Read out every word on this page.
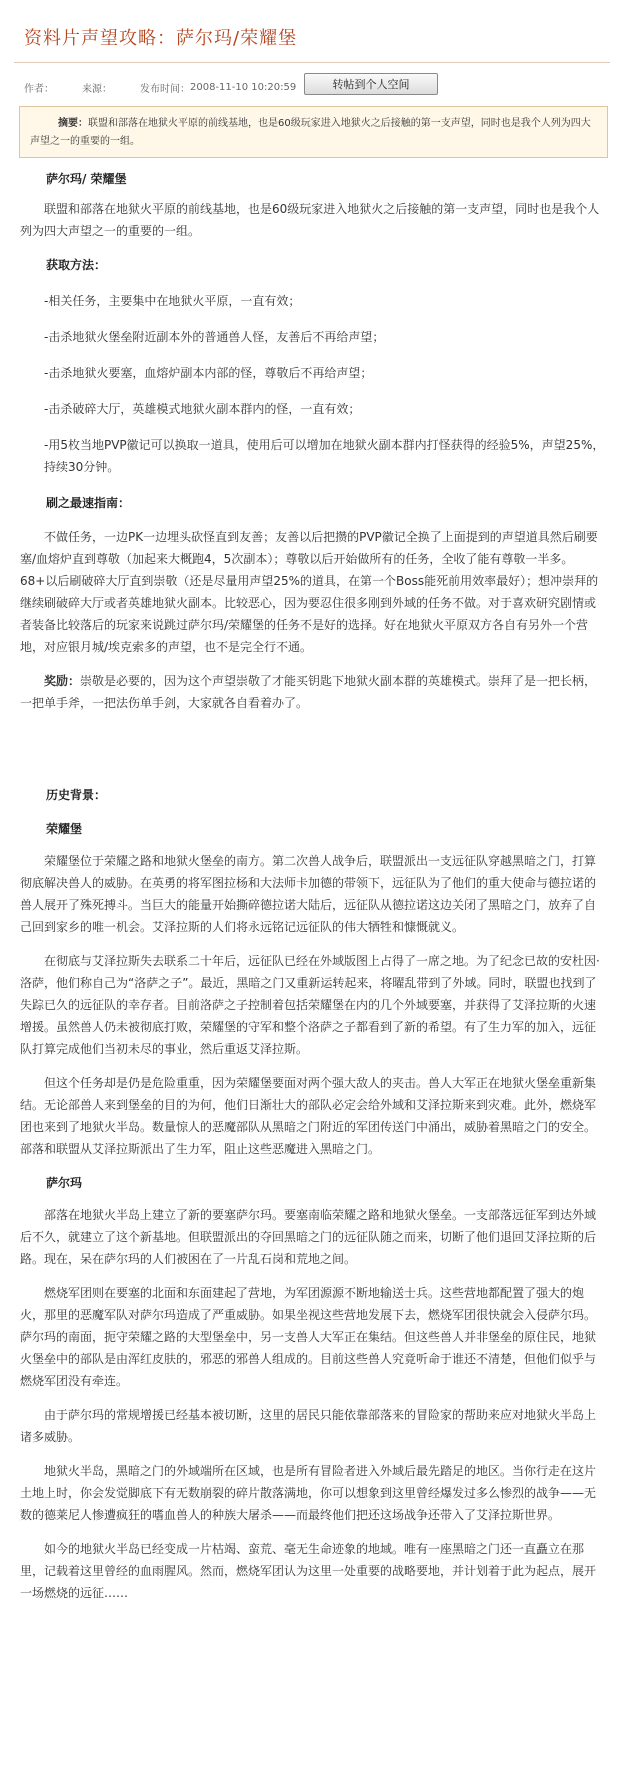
资料片声望攻略：萨尔玛/荣耀堡
作者：	来源：	发布时间： 2008-11-10 10:20:59	转帖到个人空间
摘要：联盟和部落在地狱火平原的前线基地，也是60级玩家进入地狱火之后接触的第一支声望，同时也是我个人列为四大声望之一的重要的一组。

萨尔玛/ 荣耀堡

联盟和部落在地狱火平原的前线基地，也是60级玩家进入地狱火之后接触的第一支声望，同时也是我个人列为四大声望之一的重要的一组。

获取方法：

-相关任务，主要集中在地狱火平原，一直有效；

-击杀地狱火堡垒附近副本外的普通兽人怪，友善后不再给声望；

-击杀地狱火要塞，血熔炉副本内部的怪，尊敬后不再给声望；

-击杀破碎大厅，英雄模式地狱火副本群内的怪，一直有效；

-用5枚当地PVP徽记可以换取一道具，使用后可以增加在地狱火副本群内打怪获得的经验5%，声望25%，持续30分钟。

刷之最速指南：

不做任务，一边PK一边埋头砍怪直到友善；友善以后把攒的PVP徽记全换了上面提到的声望道具然后刷要塞/血熔炉直到尊敬（加起来大概跑4，5次副本）；尊敬以后开始做所有的任务，全收了能有尊敬一半多。68+以后刷破碎大厅直到崇敬（还是尽量用声望25%的道具，在第一个Boss能死前用效率最好）；想冲崇拜的继续刷破碎大厅或者英雄地狱火副本。比较恶心，因为要忍住很多刚到外域的任务不做。对于喜欢研究剧情或者装备比较落后的玩家来说跳过萨尔玛/荣耀堡的任务不是好的选择。好在地狱火平原双方各自有另外一个营地，对应银月城/埃克索多的声望，也不是完全行不通。

奖励：崇敬是必要的，因为这个声望崇敬了才能买钥匙下地狱火副本群的英雄模式。崇拜了是一把长柄，一把单手斧，一把法伤单手剑，大家就各自看着办了。

历史背景：

荣耀堡

荣耀堡位于荣耀之路和地狱火堡垒的南方。第二次兽人战争后，联盟派出一支远征队穿越黑暗之门，打算彻底解决兽人的威胁。在英勇的将军图拉杨和大法师卡加德的带领下，远征队为了他们的重大使命与德拉诺的兽人展开了殊死搏斗。当巨大的能量开始撕碎德拉诺大陆后，远征队从德拉诺这边关闭了黑暗之门，放弃了自己回到家乡的唯一机会。艾泽拉斯的人们将永远铭记远征队的伟大牺牲和慷慨就义。

在彻底与艾泽拉斯失去联系二十年后，远征队已经在外域版图上占得了一席之地。为了纪念已故的安杜因·洛萨，他们称自己为“洛萨之子”。最近，黑暗之门又重新运转起来，将曜乱带到了外域。同时，联盟也找到了失踪已久的远征队的幸存者。目前洛萨之子控制着包括荣耀堡在内的几个外域要塞，并获得了艾泽拉斯的火速增援。虽然兽人仍未被彻底打败，荣耀堡的守军和整个洛萨之子都看到了新的希望。有了生力军的加入，远征队打算完成他们当初未尽的事业，然后重返艾泽拉斯。

但这个任务却是仍是危险重重，因为荣耀堡要面对两个强大敌人的夹击。兽人大军正在地狱火堡垒重新集结。无论部兽人来到堡垒的目的为何，他们日渐壮大的部队必定会给外域和艾泽拉斯来到灾难。此外，燃烧军团也来到了地狱火半岛。数量惊人的恶魔部队从黑暗之门附近的军团传送门中涌出，威胁着黑暗之门的安全。部落和联盟从艾泽拉斯派出了生力军，阻止这些恶魔进入黑暗之门。

萨尔玛

部落在地狱火半岛上建立了新的要塞萨尔玛。要塞南临荣耀之路和地狱火堡垒。一支部落远征军到达外域后不久，就建立了这个新基地。但联盟派出的夺回黑暗之门的远征队随之而来，切断了他们退回艾泽拉斯的后路。现在，呆在萨尔玛的人们被困在了一片乱石岗和荒地之间。

燃烧军团则在要塞的北面和东面建起了营地，为军团源源不断地输送士兵。这些营地都配置了强大的炮火，那里的恶魔军队对萨尔玛造成了严重威胁。如果坐视这些营地发展下去，燃烧军团很快就会入侵萨尔玛。萨尔玛的南面，扼守荣耀之路的大型堡垒中，另一支兽人大军正在集结。但这些兽人并非堡垒的原住民，地狱火堡垒中的部队是由浑红皮肤的，邪恶的邪兽人组成的。目前这些兽人究竟听命于谁还不清楚，但他们似乎与燃烧军团没有牵连。

由于萨尔玛的常规增援已经基本被切断，这里的居民只能依靠部落来的冒险家的帮助来应对地狱火半岛上诸多威胁。

地狱火半岛，黑暗之门的外域端所在区域，也是所有冒险者进入外域后最先踏足的地区。当你行走在这片土地上时，你会发觉脚底下有无数崩裂的碎片散落满地，你可以想象到这里曾经爆发过多么惨烈的战争——无数的德莱尼人惨遭疯狂的嗜血兽人的种族大屠杀——而最终他们把还这场战争还带入了艾泽拉斯世界。

如今的地狱火半岛已经变成一片枯竭、蛮荒、毫无生命迹象的地域。唯有一座黑暗之门还一直矗立在那里，记载着这里曾经的血雨腥风。然而，燃烧军团认为这里一处重要的战略要地，并计划着于此为起点，展开一场燃烧的远征……
